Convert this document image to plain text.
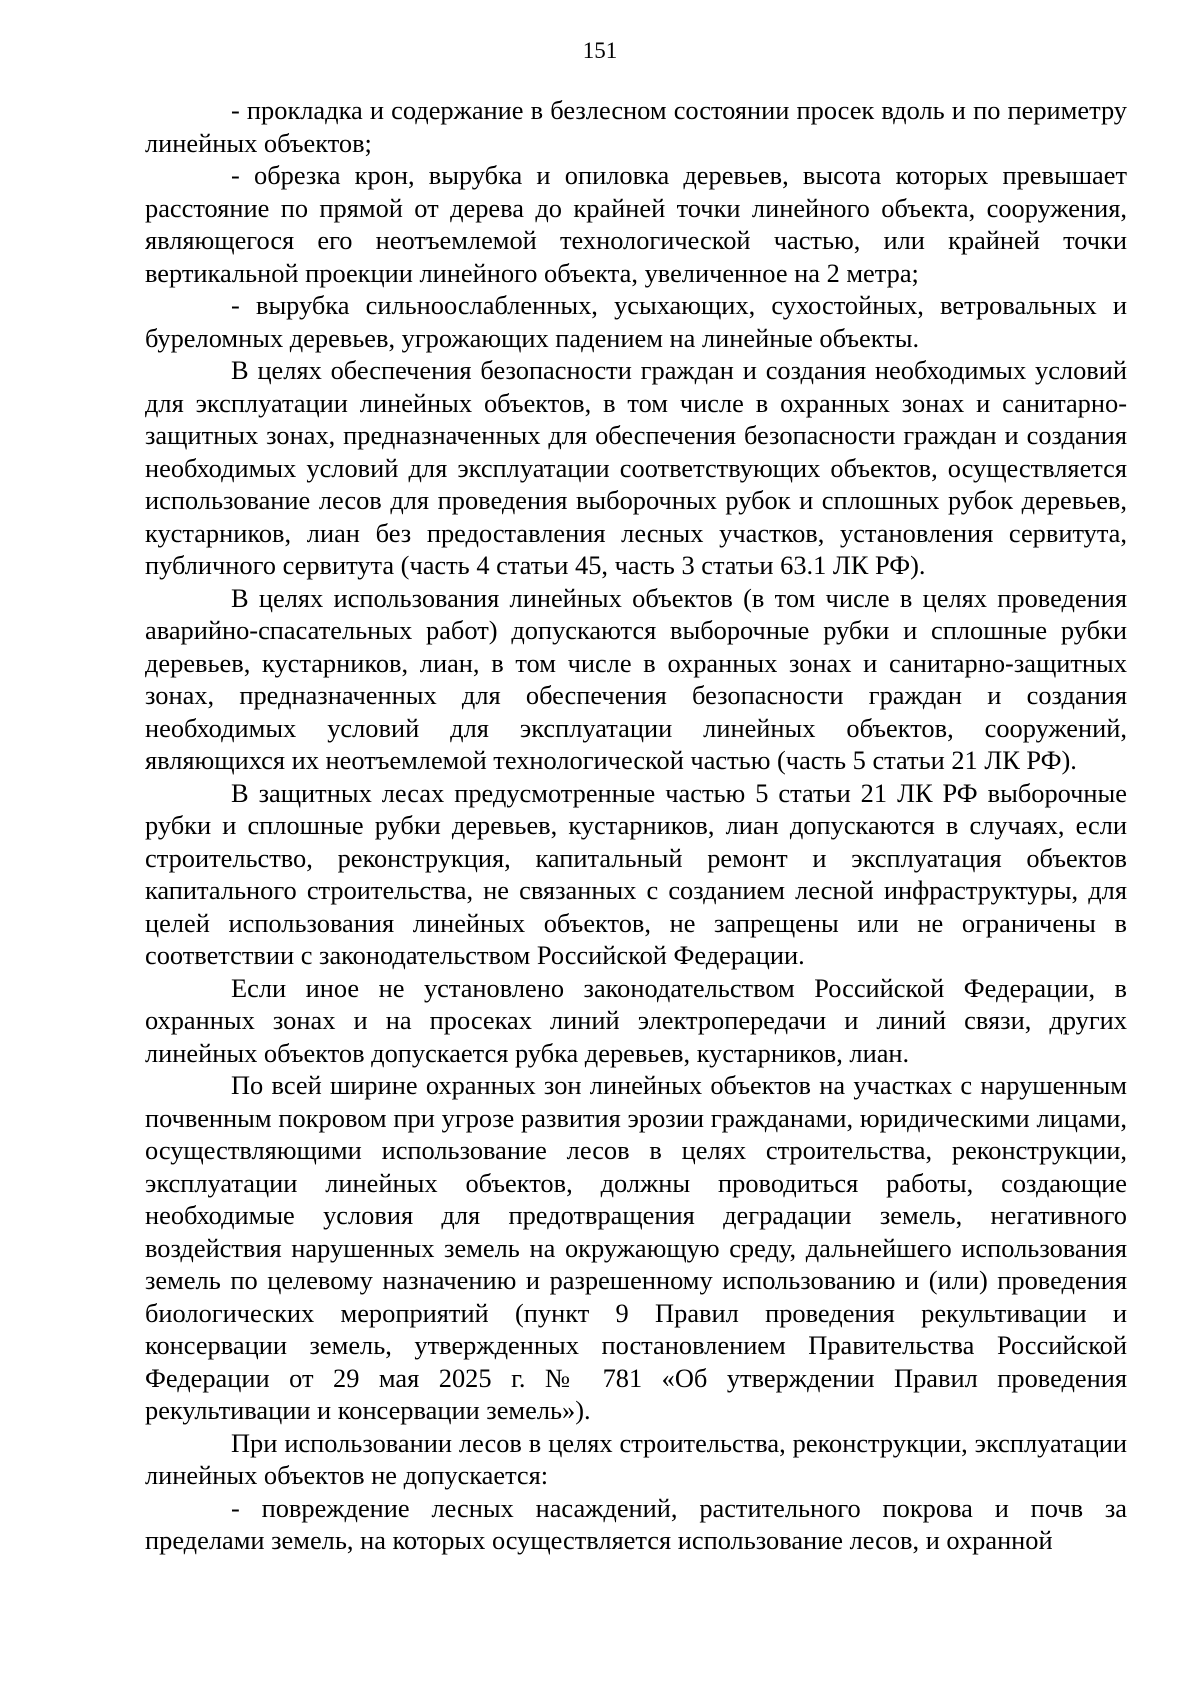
151

- прокладка и содержание в безлесном состоянии просек вдоль и по периметру линейных объектов;

- обрезка крон, вырубка и опиловка деревьев, высота которых превышает расстояние по прямой от дерева до крайней точки линейного объекта, сооружения, являющегося его неотъемлемой технологической частью, или крайней точки вертикальной проекции линейного объекта, увеличенное на 2 метра;

- вырубка сильноослабленных, усыхающих, сухостойных, ветровальных и буреломных деревьев, угрожающих падением на линейные объекты.

В целях обеспечения безопасности граждан и создания необходимых условий для эксплуатации линейных объектов, в том числе в охранных зонах и санитарно-защитных зонах, предназначенных для обеспечения безопасности граждан и создания необходимых условий для эксплуатации соответствующих объектов, осуществляется использование лесов для проведения выборочных рубок и сплошных рубок деревьев, кустарников, лиан без предоставления лесных участков, установления сервитута, публичного сервитута (часть 4 статьи 45, часть 3 статьи 63.1 ЛК РФ).

В целях использования линейных объектов (в том числе в целях проведения аварийно-спасательных работ) допускаются выборочные рубки и сплошные рубки деревьев, кустарников, лиан, в том числе в охранных зонах и санитарно-защитных зонах, предназначенных для обеспечения безопасности граждан и создания необходимых условий для эксплуатации линейных объектов, сооружений, являющихся их неотъемлемой технологической частью (часть 5 статьи 21 ЛК РФ).

В защитных лесах предусмотренные частью 5 статьи 21 ЛК РФ выборочные рубки и сплошные рубки деревьев, кустарников, лиан допускаются в случаях, если строительство, реконструкция, капитальный ремонт и эксплуатация объектов капитального строительства, не связанных с созданием лесной инфраструктуры, для целей использования линейных объектов, не запрещены или не ограничены в соответствии с законодательством Российской Федерации.

Если иное не установлено законодательством Российской Федерации, в охранных зонах и на просеках линий электропередачи и линий связи, других линейных объектов допускается рубка деревьев, кустарников, лиан.

По всей ширине охранных зон линейных объектов на участках с нарушенным почвенным покровом при угрозе развития эрозии гражданами, юридическими лицами, осуществляющими использование лесов в целях строительства, реконструкции, эксплуатации линейных объектов, должны проводиться работы, создающие необходимые условия для предотвращения деградации земель, негативного воздействия нарушенных земель на окружающую среду, дальнейшего использования земель по целевому назначению и разрешенному использованию и (или) проведения биологических мероприятий (пункт 9 Правил проведения рекультивации и консервации земель, утвержденных постановлением Правительства Российской Федерации от 29 мая 2025 г. № 781 «Об утверждении Правил проведения рекультивации и консервации земель»).

При использовании лесов в целях строительства, реконструкции, эксплуатации линейных объектов не допускается:

- повреждение лесных насаждений, растительного покрова и почв за пределами земель, на которых осуществляется использование лесов, и охранной
